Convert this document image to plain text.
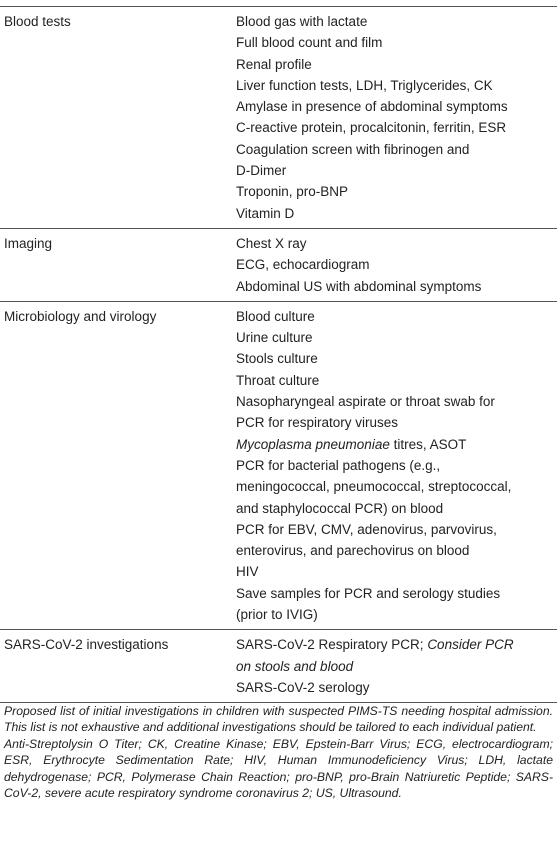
Blood tests	Blood gas with lactate
Full blood count and film
Renal profile
Liver function tests, LDH, Triglycerides, CK
Amylase in presence of abdominal symptoms
C-reactive protein, procalcitonin, ferritin, ESR
Coagulation screen with fibrinogen and
D-Dimer
Troponin, pro-BNP
Vitamin D
Imaging	Chest X ray
ECG, echocardiogram
Abdominal US with abdominal symptoms
Microbiology and virology	Blood culture
Urine culture
Stools culture
Throat culture
Nasopharyngeal aspirate or throat swab for
PCR for respiratory viruses
Mycoplasma pneumoniae titres, ASOT
PCR for bacterial pathogens (e.g.,
meningococcal, pneumococcal, streptococcal,
and staphylococcal PCR) on blood
PCR for EBV, CMV, adenovirus, parvovirus,
enterovirus, and parechovirus on blood
HIV
Save samples for PCR and serology studies
(prior to IVIG)
SARS-CoV-2 investigations	SARS-CoV-2 Respiratory PCR; Consider PCR
on stools and blood
SARS-CoV-2 serology

Proposed list of initial investigations in children with suspected PIMS-TS needing hospital admission. This list is not exhaustive and additional investigations should be tailored to each individual patient.

Anti-Streptolysin O Titer; CK, Creatine Kinase; EBV, Epstein-Barr Virus; ECG, electrocardiogram; ESR, Erythrocyte Sedimentation Rate; HIV, Human Immunodeficiency Virus; LDH, lactate dehydrogenase; PCR, Polymerase Chain Reaction; pro-BNP, pro-Brain Natriuretic Peptide; SARS-CoV-2, severe acute respiratory syndrome coronavirus 2; US, Ultrasound.
